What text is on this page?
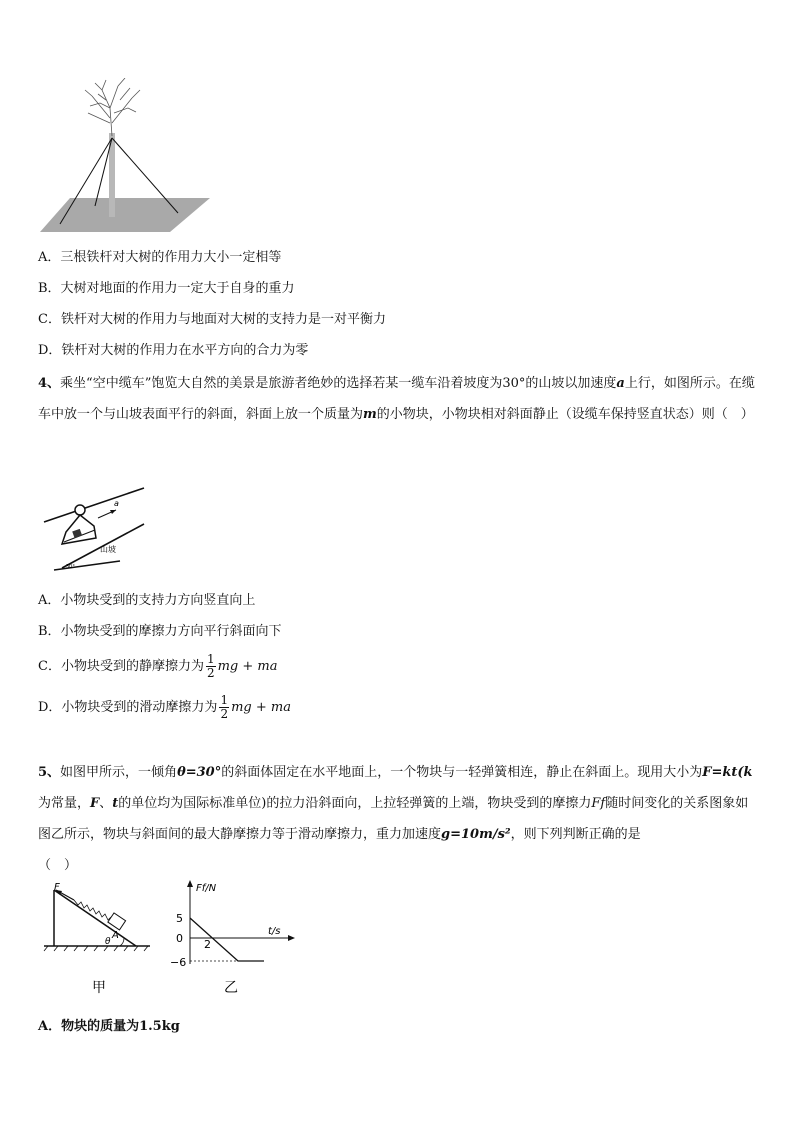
A．三根铁杆对大树的作用力大小一定相等
B．大树对地面的作用力一定大于自身的重力
C．铁杆对大树的作用力与地面对大树的支持力是一对平衡力
D．铁杆对大树的作用力在水平方向的合力为零
4、乘坐“空中缆车”饱览大自然的美景是旅游者绝妙的选择若某一缆车沿着坡度为30°的山坡以加速度a上行，如图所示。在缆车中放一个与山坡表面平行的斜面，斜面上放一个质量为m的小物块，小物块相对斜面静止（设缆车保持竖直状态）则（　）
a
山坡
30°
A．小物块受到的支持力方向竖直向上
B．小物块受到的摩擦力方向平行斜面向下
C．小物块受到的静摩擦力为 $\frac{1}{2}$ mg + ma
D．小物块受到的滑动摩擦力为 $\frac{1}{2}$ mg + ma
5、如图甲所示，一倾角θ=30°的斜面体固定在水平地面上，一个物块与一轻弹簧相连，静止在斜面上。现用大小为F=kt(k为常量，F、t的单位均为国际标准单位)的拉力沿斜面向，上拉轻弹簧的上端，物块受到的摩擦力Ff随时间变化的关系图象如图乙所示，物块与斜面间的最大静摩擦力等于滑动摩擦力，重力加速度g=10m/s²，则下列判断正确的是
（　）
F
A
θ
甲
Ff/N
t/s
5
0
−6
2
乙
A．物块的质量为1.5kg
